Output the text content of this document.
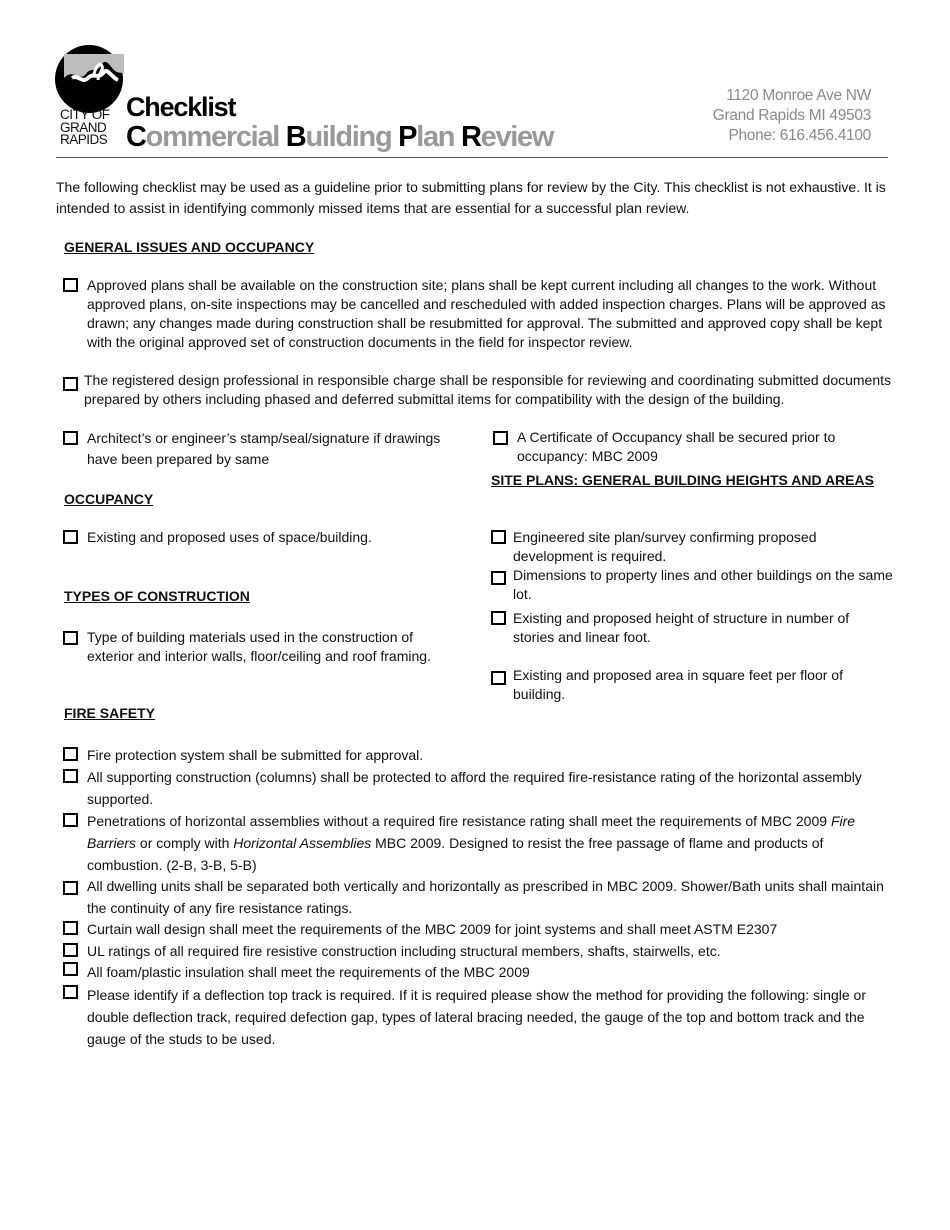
CITY OF
GRAND
RAPIDS
Checklist
Commercial Building Plan Review
1120 Monroe Ave NW
Grand Rapids MI 49503
Phone: 616.456.4100
The following checklist may be used as a guideline prior to submitting plans for review by the City. This checklist is not exhaustive. It is intended to assist in identifying commonly missed items that are essential for a successful plan review.
GENERAL ISSUES AND OCCUPANCY
Approved plans shall be available on the construction site; plans shall be kept current including all changes to the work. Without approved plans, on-site inspections may be cancelled and rescheduled with added inspection charges. Plans will be approved as drawn; any changes made during construction shall be resubmitted for approval. The submitted and approved copy shall be kept with the original approved set of construction documents in the field for inspector review.
The registered design professional in responsible charge shall be responsible for reviewing and coordinating submitted documents prepared by others including phased and deferred submittal items for compatibility with the design of the building.
Architect’s or engineer’s stamp/seal/signature if drawings have been prepared by same
A Certificate of Occupancy shall be secured prior to occupancy: MBC 2009
SITE PLANS: GENERAL BUILDING HEIGHTS AND AREAS
Engineered site plan/survey confirming proposed development is required.
Dimensions to property lines and other buildings on the same lot.
Existing and proposed height of structure in number of stories and linear foot.
Existing and proposed area in square feet per floor of building.
OCCUPANCY
Existing and proposed uses of space/building.
TYPES OF CONSTRUCTION
Type of building materials used in the construction of exterior and interior walls, floor/ceiling and roof framing.
FIRE SAFETY
Fire protection system shall be submitted for approval.
All supporting construction (columns) shall be protected to afford the required fire-resistance rating of the horizontal assembly supported.
Penetrations of horizontal assemblies without a required fire resistance rating shall meet the requirements of MBC 2009 Fire Barriers or comply with Horizontal Assemblies MBC 2009. Designed to resist the free passage of flame and products of combustion. (2-B, 3-B, 5-B)
All dwelling units shall be separated both vertically and horizontally as prescribed in MBC 2009. Shower/Bath units shall maintain the continuity of any fire resistance ratings.
Curtain wall design shall meet the requirements of the MBC 2009 for joint systems and shall meet ASTM E2307
UL ratings of all required fire resistive construction including structural members, shafts, stairwells, etc.
All foam/plastic insulation shall meet the requirements of the MBC 2009
Please identify if a deflection top track is required. If it is required please show the method for providing the following: single or double deflection track, required defection gap, types of lateral bracing needed, the gauge of the top and bottom track and the gauge of the studs to be used.
